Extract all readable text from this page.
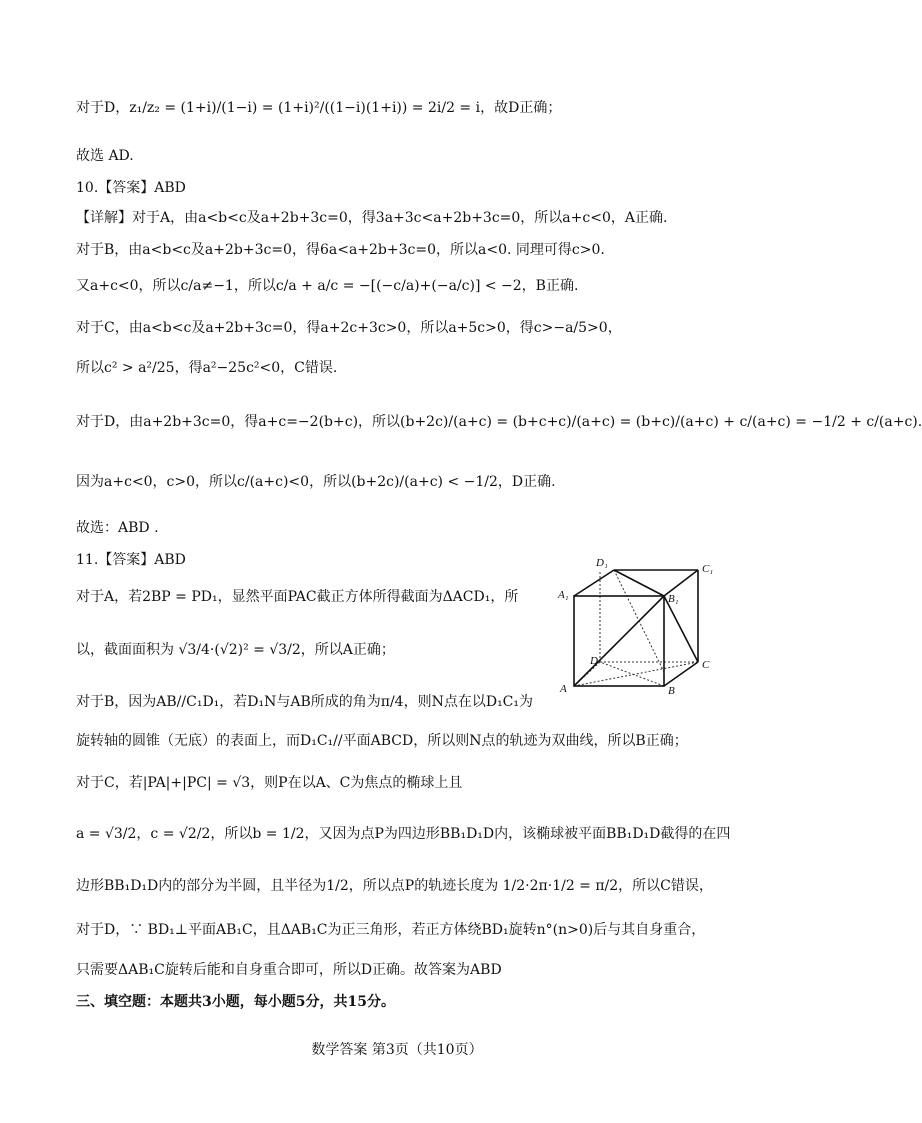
对于D，z₁/z₂ = (1+i)/(1−i) = (1+i)²/((1−i)(1+i)) = 2i/2 = i，故D正确；
故选 AD.
10.【答案】ABD
【详解】对于A，由a<b<c及a+2b+3c=0，得3a+3c<a+2b+3c=0，所以a+c<0，A正确.
对于B，由a<b<c及a+2b+3c=0，得6a<a+2b+3c=0，所以a<0. 同理可得c>0.
又a+c<0，所以c/a≠−1，所以c/a + a/c = −[(−c/a)+(−a/c)] < −2，B正确.
对于C，由a<b<c及a+2b+3c=0，得a+2c+3c>0，所以a+5c>0，得c>−a/5>0，
所以c² > a²/25，得a²−25c²<0，C错误.
对于D，由a+2b+3c=0，得a+c=−2(b+c)，所以(b+2c)/(a+c) = (b+c+c)/(a+c) = (b+c)/(a+c) + c/(a+c) = −1/2 + c/(a+c).
因为a+c<0，c>0，所以c/(a+c)<0，所以(b+2c)/(a+c) < −1/2，D正确.
故选：ABD .
11.【答案】ABD
对于A，若2BP = PD₁，显然平面PAC截正方体所得截面为ΔACD₁，所
以，截面面积为 √3/4·(√2)² = √3/2，所以A正确；
对于B，因为AB//C₁D₁，若D₁N与AB所成的角为π/4，则N点在以D₁C₁为
旋转轴的圆锥（无底）的表面上，而D₁C₁//平面ABCD，所以则N点的轨迹为双曲线，所以B正确；
对于C，若|PA|+|PC| = √3，则P在以A、C为焦点的椭球上且
a = √3/2，c = √2/2，所以b = 1/2，又因为点P为四边形BB₁D₁D内，该椭球被平面BB₁D₁D截得的在四
边形BB₁D₁D内的部分为半圆，且半径为1/2，所以点P的轨迹长度为 1/2·2π·1/2 = π/2，所以C错误，
对于D，∵ BD₁⊥平面AB₁C，且ΔAB₁C为正三角形，若正方体绕BD₁旋转n°(n>0)后与其自身重合，
只需要ΔAB₁C旋转后能和自身重合即可，所以D正确。故答案为ABD
三、填空题：本题共3小题，每小题5分，共15分。
A	B
C
D
A₁	B₁
C₁
D₁
数学答案 第3页（共10页）
